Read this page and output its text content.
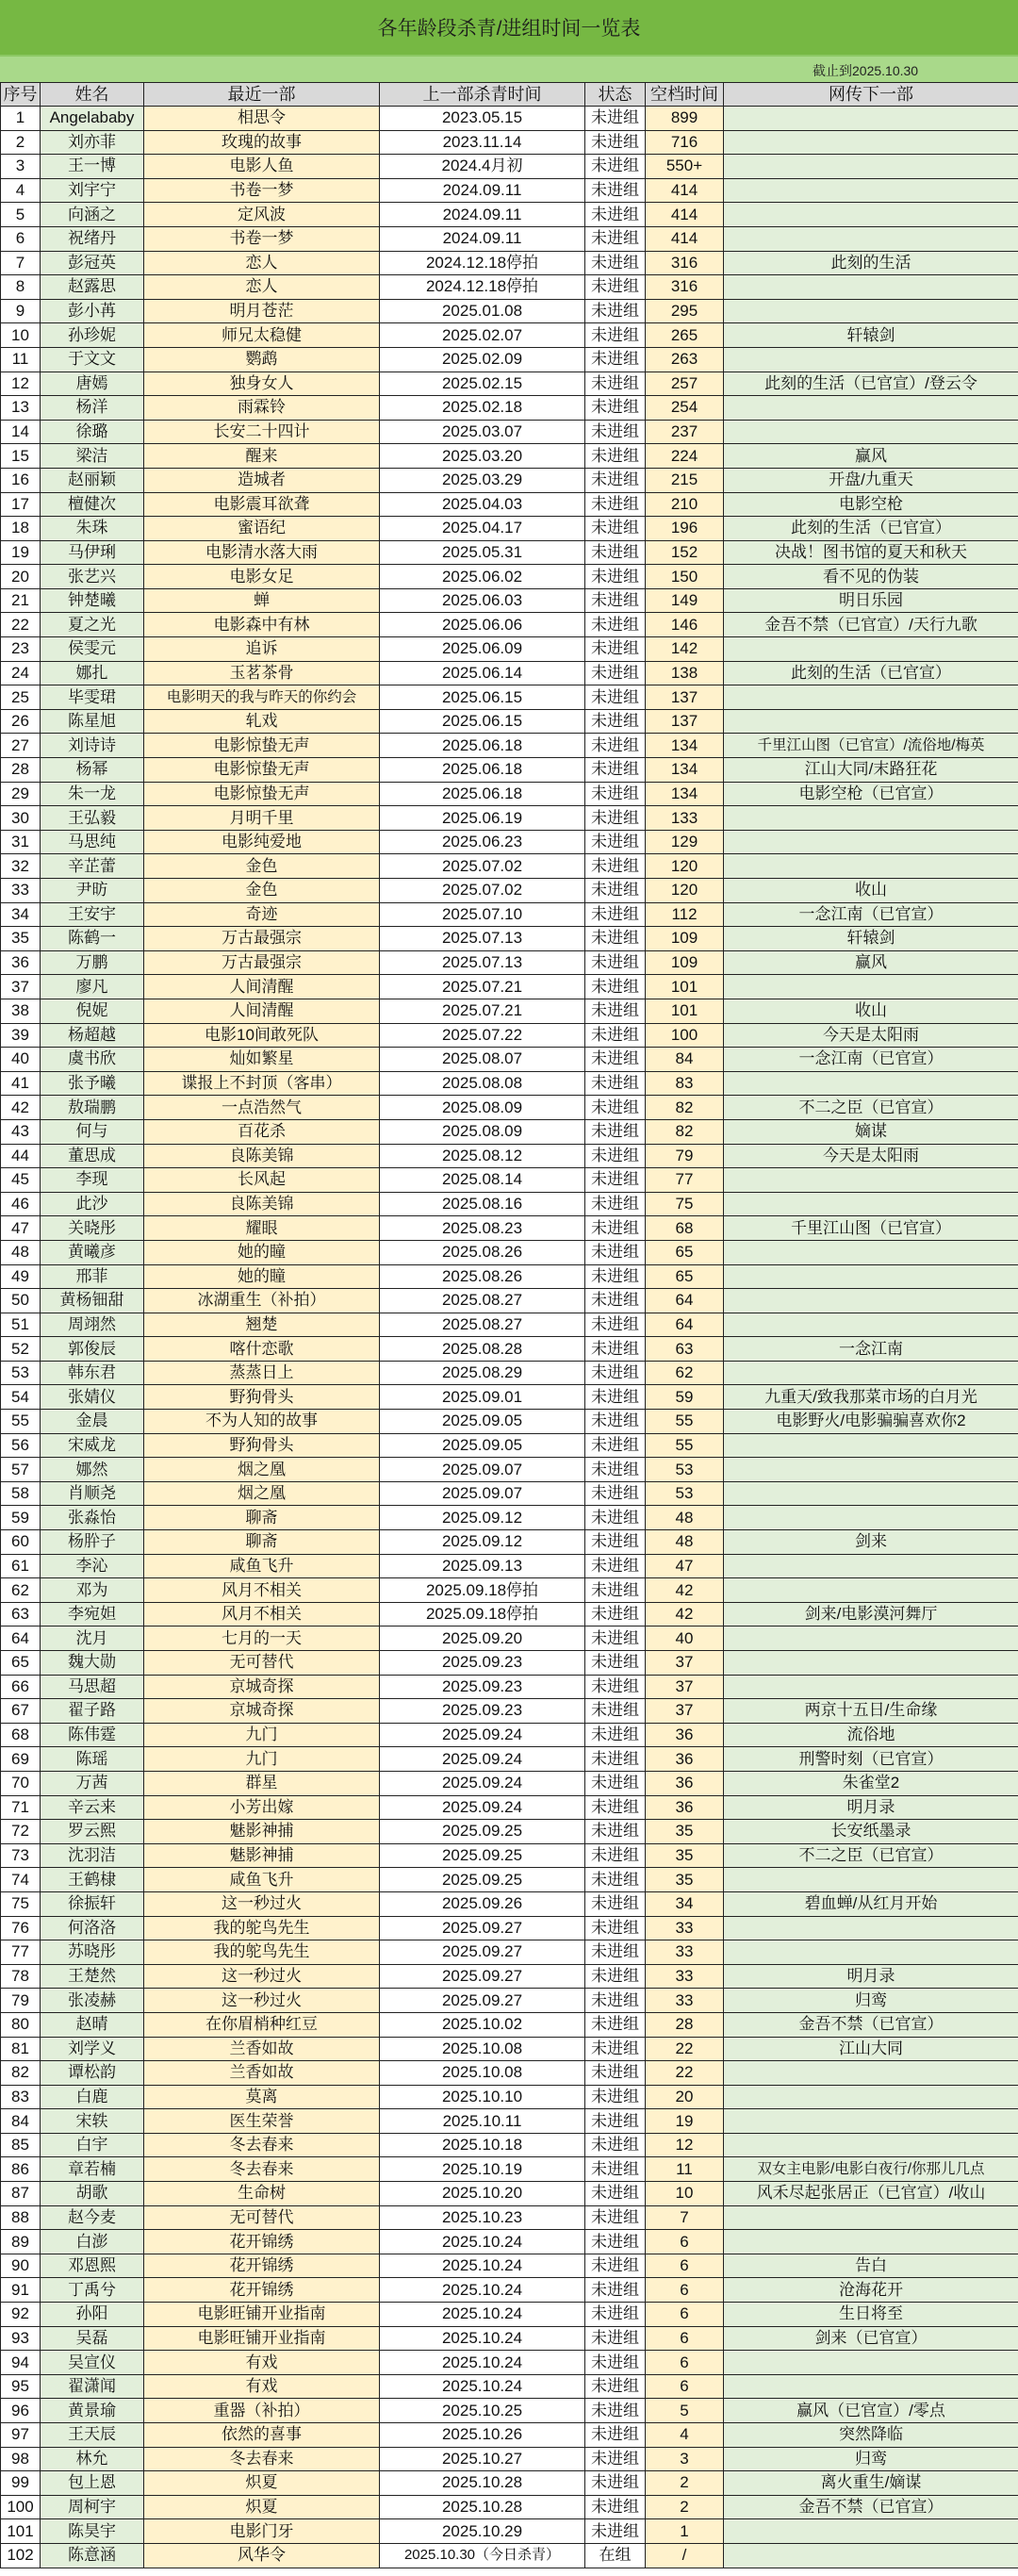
各年龄段杀青/进组时间一览表
截止到2025.10.30
序号	姓名	最近一部	上一部杀青时间	状态	空档时间	网传下一部
1	Angelababy	相思令	2023.05.15	未进组	899	
2	刘亦菲	玫瑰的故事	2023.11.14	未进组	716	
3	王一博	电影人鱼	2024.4月初	未进组	550+	
4	刘宇宁	书卷一梦	2024.09.11	未进组	414	
5	向涵之	定风波	2024.09.11	未进组	414	
6	祝绪丹	书卷一梦	2024.09.11	未进组	414	
7	彭冠英	恋人	2024.12.18停拍	未进组	316	此刻的生活
8	赵露思	恋人	2024.12.18停拍	未进组	316	
9	彭小苒	明月苍茫	2025.01.08	未进组	295	
10	孙珍妮	师兄太稳健	2025.02.07	未进组	265	轩辕剑
11	于文文	鹦鹉	2025.02.09	未进组	263	
12	唐嫣	独身女人	2025.02.15	未进组	257	此刻的生活（已官宣）/登云令
13	杨洋	雨霖铃	2025.02.18	未进组	254	
14	徐璐	长安二十四计	2025.03.07	未进组	237	
15	梁洁	醒来	2025.03.20	未进组	224	赢风
16	赵丽颖	造城者	2025.03.29	未进组	215	开盘/九重天
17	檀健次	电影震耳欲聋	2025.04.03	未进组	210	电影空枪
18	朱珠	蜜语纪	2025.04.17	未进组	196	此刻的生活（已官宣）
19	马伊琍	电影清水落大雨	2025.05.31	未进组	152	决战！图书馆的夏天和秋天
20	张艺兴	电影女足	2025.06.02	未进组	150	看不见的伪装
21	钟楚曦	蝉	2025.06.03	未进组	149	明日乐园
22	夏之光	电影森中有林	2025.06.06	未进组	146	金吾不禁（已官宣）/天行九歌
23	侯雯元	追诉	2025.06.09	未进组	142	
24	娜扎	玉茗茶骨	2025.06.14	未进组	138	此刻的生活（已官宣）
25	毕雯珺	电影明天的我与昨天的你约会	2025.06.15	未进组	137	
26	陈星旭	轧戏	2025.06.15	未进组	137	
27	刘诗诗	电影惊蛰无声	2025.06.18	未进组	134	千里江山图（已官宣）/流俗地/梅英
28	杨幂	电影惊蛰无声	2025.06.18	未进组	134	江山大同/末路狂花
29	朱一龙	电影惊蛰无声	2025.06.18	未进组	134	电影空枪（已官宣）
30	王弘毅	月明千里	2025.06.19	未进组	133	
31	马思纯	电影纯爱地	2025.06.23	未进组	129	
32	辛芷蕾	金色	2025.07.02	未进组	120	
33	尹昉	金色	2025.07.02	未进组	120	收山
34	王安宇	奇迹	2025.07.10	未进组	112	一念江南（已官宣）
35	陈鹤一	万古最强宗	2025.07.13	未进组	109	轩辕剑
36	万鹏	万古最强宗	2025.07.13	未进组	109	赢风
37	廖凡	人间清醒	2025.07.21	未进组	101	
38	倪妮	人间清醒	2025.07.21	未进组	101	收山
39	杨超越	电影10间敢死队	2025.07.22	未进组	100	今天是太阳雨
40	虞书欣	灿如繁星	2025.08.07	未进组	84	一念江南（已官宣）
41	张予曦	谍报上不封顶（客串）	2025.08.08	未进组	83	
42	敖瑞鹏	一点浩然气	2025.08.09	未进组	82	不二之臣（已官宣）
43	何与	百花杀	2025.08.09	未进组	82	嫡谋
44	董思成	良陈美锦	2025.08.12	未进组	79	今天是太阳雨
45	李现	长风起	2025.08.14	未进组	77	
46	此沙	良陈美锦	2025.08.16	未进组	75	
47	关晓彤	耀眼	2025.08.23	未进组	68	千里江山图（已官宣）
48	黄曦彦	她的瞳	2025.08.26	未进组	65	
49	邢菲	她的瞳	2025.08.26	未进组	65	
50	黄杨钿甜	冰湖重生（补拍）	2025.08.27	未进组	64	
51	周翊然	翘楚	2025.08.27	未进组	64	
52	郭俊辰	喀什恋歌	2025.08.28	未进组	63	一念江南
53	韩东君	蒸蒸日上	2025.08.29	未进组	62	
54	张婧仪	野狗骨头	2025.09.01	未进组	59	九重天/致我那菜市场的白月光
55	金晨	不为人知的故事	2025.09.05	未进组	55	电影野火/电影骗骗喜欢你2
56	宋威龙	野狗骨头	2025.09.05	未进组	55	
57	娜然	烟之凰	2025.09.07	未进组	53	
58	肖顺尧	烟之凰	2025.09.07	未进组	53	
59	张淼怡	聊斋	2025.09.12	未进组	48	
60	杨肸子	聊斋	2025.09.12	未进组	48	剑来
61	李沁	咸鱼飞升	2025.09.13	未进组	47	
62	邓为	风月不相关	2025.09.18停拍	未进组	42	
63	李宛妲	风月不相关	2025.09.18停拍	未进组	42	剑来/电影漠河舞厅
64	沈月	七月的一天	2025.09.20	未进组	40	
65	魏大勋	无可替代	2025.09.23	未进组	37	
66	马思超	京城奇探	2025.09.23	未进组	37	
67	翟子路	京城奇探	2025.09.23	未进组	37	两京十五日/生命缘
68	陈伟霆	九门	2025.09.24	未进组	36	流俗地
69	陈瑶	九门	2025.09.24	未进组	36	刑警时刻（已官宣）
70	万茜	群星	2025.09.24	未进组	36	朱雀堂2
71	辛云来	小芳出嫁	2025.09.24	未进组	36	明月录
72	罗云熙	魅影神捕	2025.09.25	未进组	35	长安纸墨录
73	沈羽洁	魅影神捕	2025.09.25	未进组	35	不二之臣（已官宣）
74	王鹤棣	咸鱼飞升	2025.09.25	未进组	35	
75	徐振轩	这一秒过火	2025.09.26	未进组	34	碧血蝉/从红月开始
76	何洛洛	我的鸵鸟先生	2025.09.27	未进组	33	
77	苏晓彤	我的鸵鸟先生	2025.09.27	未进组	33	
78	王楚然	这一秒过火	2025.09.27	未进组	33	明月录
79	张凌赫	这一秒过火	2025.09.27	未进组	33	归鸾
80	赵晴	在你眉梢种红豆	2025.10.02	未进组	28	金吾不禁（已官宣）
81	刘学义	兰香如故	2025.10.08	未进组	22	江山大同
82	谭松韵	兰香如故	2025.10.08	未进组	22	
83	白鹿	莫离	2025.10.10	未进组	20	
84	宋轶	医生荣誉	2025.10.11	未进组	19	
85	白宇	冬去春来	2025.10.18	未进组	12	
86	章若楠	冬去春来	2025.10.19	未进组	11	双女主电影/电影白夜行/你那儿几点
87	胡歌	生命树	2025.10.20	未进组	10	风禾尽起张居正（已官宣）/收山
88	赵今麦	无可替代	2025.10.23	未进组	7	
89	白澎	花开锦绣	2025.10.24	未进组	6	
90	邓恩熙	花开锦绣	2025.10.24	未进组	6	告白
91	丁禹兮	花开锦绣	2025.10.24	未进组	6	沧海花开
92	孙阳	电影旺铺开业指南	2025.10.24	未进组	6	生日将至
93	吴磊	电影旺铺开业指南	2025.10.24	未进组	6	剑来（已官宣）
94	吴宣仪	有戏	2025.10.24	未进组	6	
95	翟潇闻	有戏	2025.10.24	未进组	6	
96	黄景瑜	重器（补拍）	2025.10.25	未进组	5	赢风（已官宣）/零点
97	王天辰	依然的喜事	2025.10.26	未进组	4	突然降临
98	林允	冬去春来	2025.10.27	未进组	3	归鸾
99	包上恩	炽夏	2025.10.28	未进组	2	离火重生/嫡谋
100	周柯宇	炽夏	2025.10.28	未进组	2	金吾不禁（已官宣）
101	陈昊宇	电影门牙	2025.10.29	未进组	1	
102	陈意涵	风华令	2025.10.30（今日杀青）	在组	/	
